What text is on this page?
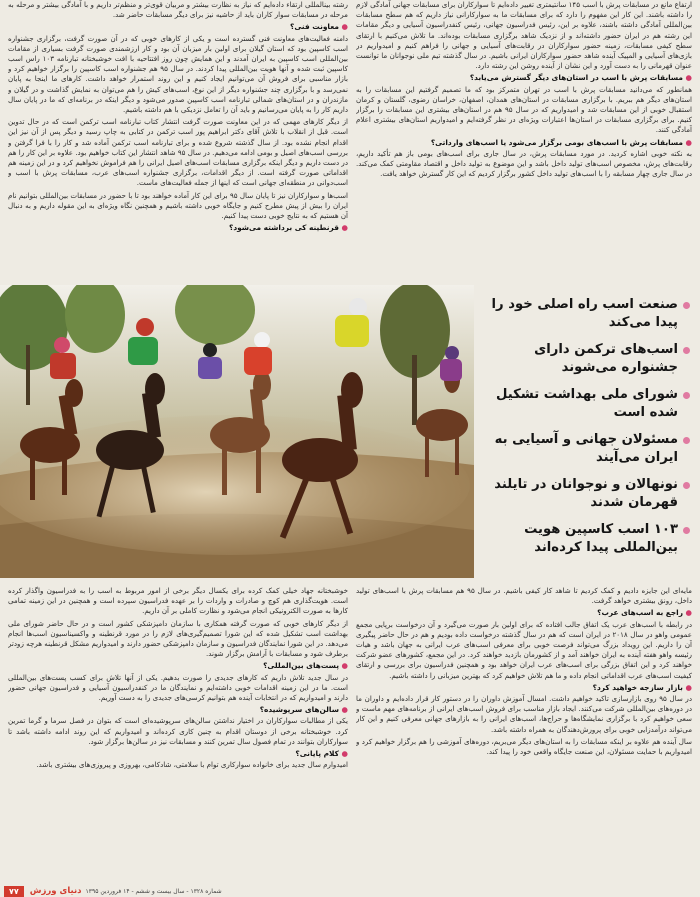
رشته بینالمللی ارتقاء داده‌ایم که نیاز به نظارت بیشتر و مربیان قوی‌تر و منظم‌تر داریم و با آمادگی بیشتر و مرحله به مرحله در مسابقات سوار کاران باید از حاشیه نیز برای دیگر مسابقات حاضر شد.

● معاونت فنی؟

دامنه فعالیت‌های معاونت فنی گسترده است و یکی از کارهای خوبی که در آن صورت گرفت، برگزاری جشنواره اسب کاسپین بود که استان گیلان برای اولین بار میزبان آن بود و کار ارزشمندی صورت گرفت بسیاری از مقامات بین‌المللی اسب کاسپین به ایران آمدند و این همایش چون روز افتتاحیه با افت خوشبختانه تبارنامه ۱۰۳ راس اسب کاسپین ثبت شده و آنها هویت بین‌المللی پیدا کردند. در سال ۹۵ هم جشنواره اسب کاسپین را برگزار خواهیم کرد و بازار مناسبی برای فروش آن می‌توانیم ایجاد کنیم و این روند استمرار خواهد داشت. کارهای ما اینجا به پایان نمی‌رسد و با برگزاری چند جشنواره دیگر از این نوع، اسب‌های کیش را هم می‌توان به نمایش گذاشت و در گیلان و مازندران و در استان‌های شمالی تبارنامه اسب کاسپین صدور می‌شود و دیگر اینکه در برنامه‌ای که ما در پایان سال داریم کار را به پایان می‌رسانیم و باید آن را تعامل نزدیکی با هم داشته باشیم.

از دیگر کارهای مهمی که در این معاونت صورت گرفت انتشار کتاب تبارنامه اسب ترکمن است که در حال تدوین است. قبل از انقلاب با تلاش آقای دکتر ابراهیم پور اسب ترکمن در کتابی به چاپ رسید و دیگر پس از آن نیز این اقدام انجام نشده بود. از سال گذشته شروع شده و برای تبارنامه اسب ترکمن آماده شد و کار را با فرا گرفتن و بررسی اسب‌های اصیل و بومی ادامه می‌دهیم. در سال ۹۵ شاهد انتشار این کتاب خواهیم بود. علاوه بر این کار را هم در دست داریم و دیگر اینکه برگزاری مسابقات اسب‌های اصیل ایرانی را هم فراموش نخواهیم کرد و در این زمینه هم اقداماتی صورت گرفته است. از دیگر اقدامات، برگزاری جشنواره اسب‌های عرب، مسابقات پرش با اسب و اسب‌دوانی در منطقه‌ای جهانی است که اینها از جمله فعالیت‌های ماست.

اسب‌ها و سوارکاران نیز تا پایان سال ۹۵ برای این کار آماده خواهند بود تا با حضور در مسابقات بین‌المللی بتوانیم نام ایران را بیش از پیش مطرح کنیم و جایگاه خوبی داشته باشیم و همچنین نگاه ویژه‌ای به این مقوله داریم و به دنبال آن هستیم که به نتایج خوبی دست پیدا کنیم.

● قرنطینه کی برداشته می‌شود؟

ارتفاع مانع در مسابقات پرش با اسب ۱۴۵ سانتیمتری تغییر داده‌ایم تا سوارکاران برای مسابقات جهانی آمادگی لازم را داشته باشند. این کار این مفهوم را دارد که برای مسابقات ما به سوارکارانی نیاز داریم که هم سطح مسابقات بین‌المللی آمادگی داشته باشند، علاوه بر این، رئیس فدراسیون جهانی، رئیس کنفدراسیون آسیایی و دیگر مقامات این رشته هم در ایران حضور داشته‌اند و از نزدیک شاهد برگزاری مسابقات بوده‌اند. ما تلاش می‌کنیم با ارتقای سطح کیفی مسابقات، زمینه حضور سوارکاران در رقابت‌های آسیایی و جهانی را فراهم کنیم و امیدواریم در بازی‌های آسیایی و المپیک آینده شاهد حضور سوارکاران ایرانی باشیم. در سال گذشته تیم ملی نوجوانان ما توانست عنوان قهرمانی را به دست آورد و این نشان از آینده روشن این رشته دارد.

● مسابقات پرش با اسب در استان‌های دیگر گسترش می‌یابد؟

همانطور که می‌دانید مسابقات پرش با اسب در تهران متمرکز بود که ما تصمیم گرفتیم این مسابقات را به استان‌های دیگر هم ببریم. با برگزاری مسابقات در استان‌های همدان، اصفهان، خراسان رضوی، گلستان و کرمان استقبال خوبی از این مسابقات شد و امیدواریم که در سال ۹۵ هم در استان‌های بیشتری این مسابقات را برگزار کنیم. برای برگزاری مسابقات در استان‌ها اعتبارات ویژه‌ای در نظر گرفته‌ایم و امیدواریم استان‌های بیشتری اعلام آمادگی کنند.

● مسابقات پرش با اسب‌های بومی برگزار می‌شود یا اسب‌های وارداتی؟

به نکته خوبی اشاره کردید. در مورد مسابقات پرش، در سال جاری برای اسب‌های بومی باز هم تأکید داریم، رقابت‌های پرش، مخصوص اسب‌های تولید داخل باشد و این موضوع به تولید داخل و اقتصاد مقاومتی کمک می‌کند. در سال جاری چهار مسابقه را با اسب‌های تولید داخل کشور برگزار کردیم که این کار گسترش خواهد یافت.

صنعت اسب راه اصلی خود را پیدا می‌کند
اسب‌های ترکمن دارای جشنواره می‌شوند
شورای ملی بهداشت تشکیل شده است
مسئولان جهانی و آسیایی به ایران می‌آیند
نونهالان و نوجوانان در تایلند قهرمان شدند
۱۰۳ اسب کاسپین هویت بین‌المللی پیدا کرده‌اند

خوشبختانه جهاد خیلی کمک کرده برای یکسال دیگر برخی از امور مربوط به اسب را به فدراسیون واگذار کرده است. هویت‌گذاری هم کوچ و صادرات و واردات را بر عهده فدراسیون سپرده است و همچنین در این زمینه تمامی کارها به صورت الکترونیکی انجام می‌شود و نظارت کاملی بر آن داریم.

از دیگر کارهای خوبی که صورت گرفته همکاری با سازمان دامپزشکی کشور است و در حال حاضر شورای ملی بهداشت اسب تشکیل شده که این شورا تصمیم‌گیری‌های لازم را در مورد قرنطینه و واکسیناسیون اسب‌ها انجام می‌دهد. در این شورا نمایندگان فدراسیون و سازمان دامپزشکی حضور دارند و امیدواریم مشکل قرنطینه هرچه زودتر برطرف شود و مسابقات با آرامش برگزار شوند.

● پست‌های بین‌المللی؟

در سال جدید تلاش داریم که کارهای جدیدی را صورت بدهیم. یکی از آنها تلاش برای کسب پست‌های بین‌المللی است. ما در این زمینه اقدامات خوبی داشته‌ایم و نمایندگان ما در کنفدراسیون آسیایی و فدراسیون جهانی حضور دارند و امیدواریم که در انتخابات آینده هم بتوانیم کرسی‌های جدیدی را به دست آوریم.

● سالن‌های سرپوشیده؟

یکی از مطالبات سوارکاران در اختیار نداشتن سالن‌های سرپوشیده‌ای است که بتوان در فصل سرما و گرما تمرین کرد. خوشبختانه برخی از دوستان اقدام به چنین کاری کرده‌اند و امیدواریم که این روند ادامه داشته باشد تا سوارکاران بتوانند در تمام فصول سال تمرین کنند و مسابقات نیز در سالن‌ها برگزار شود.

● کلام پایانی؟

امیدوارم سال جدید برای خانواده سوارکاری توام با سلامتی، شادکامی، بهروزی و پیروزی‌های بیشتری باشد.

مایه‌ای این جایزه دادیم و کمک کردیم تا شاهد کار کیفی باشیم. در سال ۹۵ هم مسابقات پرش با اسب‌های تولید داخل، رونق بیشتری خواهد گرفت.

● راجع به اسب‌های عرب؟

در رابطه با اسب‌های عرب یک اتفاق جالب افتاده که برای اولین بار صورت می‌گیرد و آن درخواست برپایی مجمع عمومی واهو در سال ۲۰۱۸ در ایران است که هم در سال گذشته درخواست داده بودیم و هم در حال حاضر پیگیری آن را داریم. این رویداد بزرگ می‌تواند فرصت خوبی برای معرفی اسب‌های عرب ایرانی به جهان باشد و هیات رئیسه واهو هفته آینده به ایران خواهند آمد و از کشورمان بازدید خواهند کرد. در این مجمع، کشورهای عضو شرکت خواهند کرد و این اتفاق بزرگی برای اسب‌های عرب ایران خواهد بود و همچنین فدراسیون برای بررسی و ارتقای کیفیت اسب‌های عرب اقداماتی انجام داده و ما هم تلاش خواهیم کرد که بهترین میزبانی را داشته باشیم.

● بازار سازجه خواهید کرد؟

در سال ۹۵ روی بازارسازی تاکید خواهیم داشت. امسال آموزش داوران را در دستور کار قرار داده‌ایم و داوران ما در دوره‌های بین‌المللی شرکت می‌کنند. ایجاد بازار مناسب برای فروش اسب‌های ایرانی از برنامه‌های مهم ماست و سعی خواهیم کرد با برگزاری نمایشگاه‌ها و حراج‌ها، اسب‌های ایرانی را به بازارهای جهانی معرفی کنیم و این کار می‌تواند درآمدزایی خوبی برای پرورش‌دهندگان به همراه داشته باشد.

سال آینده هم علاوه بر اینکه مسابقات را به استان‌های دیگر می‌بریم، دوره‌های آموزشی را هم برگزار خواهیم کرد و امیدواریم با حمایت مسئولان، این صنعت جایگاه واقعی خود را پیدا کند.

۷۷	دنیای ورزش شماره ۱۳۲۸ - سال بیست و ششم - ۱۴ فروردین ۱۳۹۵
